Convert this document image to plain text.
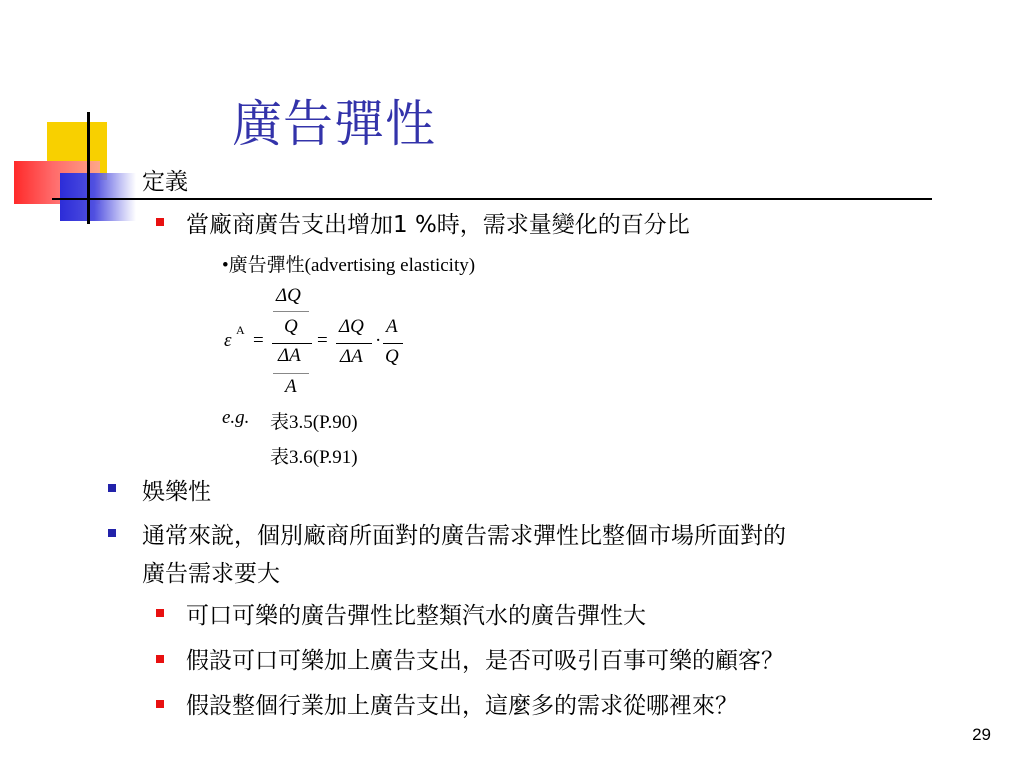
廣告彈性
定義
當廠商廣告支出增加1 %時，需求量變化的百分比
•廣告彈性(advertising elasticity)
ΔQ
Q
ΔA
A
ε A =	=
ΔQ
ΔA
·
A
Q
e.g. 表3.5(P.90)
表3.6(P.91)
娛樂性
通常來說，個別廠商所面對的廣告需求彈性比整個市場所面對的
廣告需求要大
可口可樂的廣告彈性比整類汽水的廣告彈性大
假設可口可樂加上廣告支出，是否可吸引百事可樂的顧客？
假設整個行業加上廣告支出，這麼多的需求從哪裡來？
29
